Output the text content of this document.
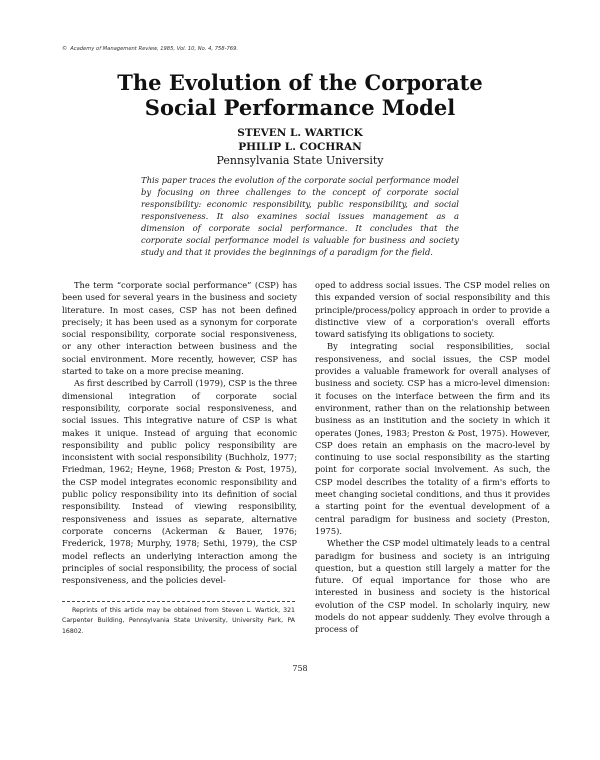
© Academy of Management Review, 1985, Vol. 10, No. 4, 758-769.
The Evolution of the Corporate
Social Performance Model
STEVEN L. WARTICK
PHILIP L. COCHRAN
Pennsylvania State University

This paper traces the evolution of the corporate social performance model by focusing on three challenges to the concept of corporate social responsibility: economic responsibility, public responsibility, and social responsiveness. It also examines social issues management as a dimension of corporate social performance. It concludes that the corporate social performance model is valuable for business and society study and that it provides the beginnings of a paradigm for the field.

The term “corporate social performance” (CSP) has been used for several years in the business and society literature. In most cases, CSP has not been defined precisely; it has been used as a synonym for corporate social responsibility, corporate social responsiveness, or any other interaction between business and the social environment. More recently, however, CSP has started to take on a more precise meaning.

As first described by Carroll (1979), CSP is the three dimensional integration of corporate social responsibility, corporate social responsiveness, and social issues. This integrative nature of CSP is what makes it unique. Instead of arguing that economic responsibility and public policy responsibility are inconsistent with social responsibility (Buchholz, 1977; Friedman, 1962; Heyne, 1968; Preston & Post, 1975), the CSP model integrates economic responsibility and public policy responsibility into its definition of social responsibility. Instead of viewing responsibility, responsiveness and issues as separate, alternative corporate concerns (Ackerman & Bauer, 1976; Frederick, 1978; Murphy, 1978; Sethi, 1979), the CSP model reflects an underlying interaction among the principles of social responsibility, the process of social responsiveness, and the policies devel-

oped to address social issues. The CSP model relies on this expanded version of social responsibility and this principle/process/policy approach in order to provide a distinctive view of a corporation's overall efforts toward satisfying its obligations to society.

By integrating social responsibilities, social responsiveness, and social issues, the CSP model provides a valuable framework for overall analyses of business and society. CSP has a micro-level dimension: it focuses on the interface between the firm and its environment, rather than on the relationship between business as an institution and the society in which it operates (Jones, 1983; Preston & Post, 1975). However, CSP does retain an emphasis on the macro-level by continuing to use social responsibility as the starting point for corporate social involvement. As such, the CSP model describes the totality of a firm's efforts to meet changing societal conditions, and thus it provides a starting point for the eventual development of a central paradigm for business and society (Preston, 1975).

Whether the CSP model ultimately leads to a central paradigm for business and society is an intriguing question, but a question still largely a matter for the future. Of equal importance for those who are interested in business and society is the historical evolution of the CSP model. In scholarly inquiry, new models do not appear suddenly. They evolve through a process of

Reprints of this article may be obtained from Steven L. Wartick, 321 Carpenter Building, Pennsylvania State University, University Park, PA 16802.

758
